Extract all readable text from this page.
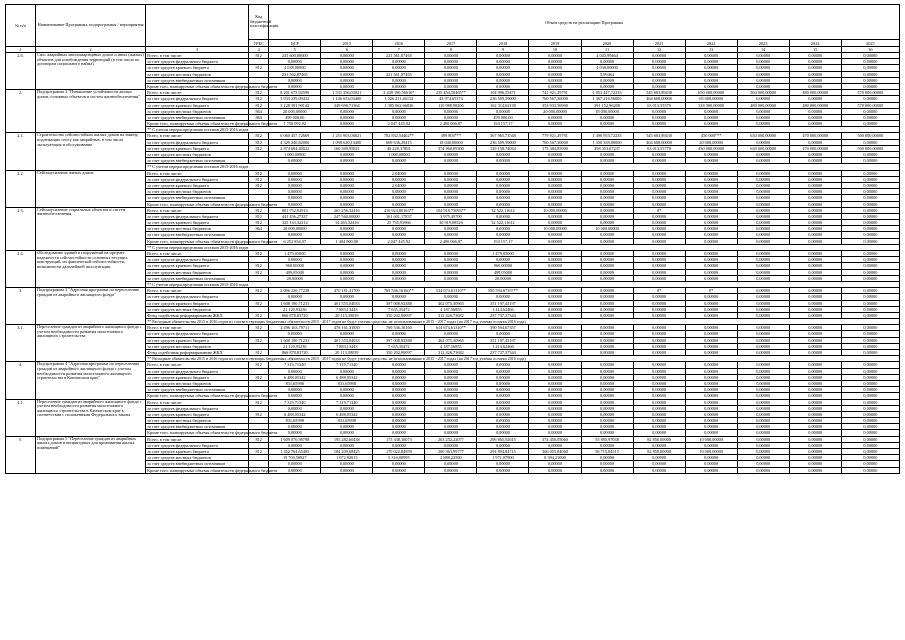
№ п/п	Наименование Программы, подпрограммы / мероприятия		Код бюджетной классификации	Объем средств на реализацию Программы											
			ГРБС	ЦСР	2015	2016	2017	2018	2019	2020	2021	2022	2023	2024	2025
1	2	3	4	5	6	7	8	9	10	11	12	13	14	15	16
2.6.	Снос аварийных многоквартирных домов и иных (жилых) объектов для освобождения территорий (в том числе по договорам социального найма)	Всего, в том числе:	812	235 600,00000	0,00000	221 561,87465	0,00000	0,00000	0,00000	4 043,99464	0,00000	0,00000	0,00000	0,00000	0,00000
		за счет средств федерального бюджета		0,00000	0,00000	0,00000	0,00000	0,00000	0,00000	0,00000	0,00000	0,00000	0,00000	0,00000	0,00000
		за счет средств краевого бюджета	812	4 038,00000	0,00000	0,00000	0,00000	0,00000	0,00000	4 038,00000	0,00000	0,00000	0,00000	0,00000	0,00000
		за счет средств местных бюджетов		231 562,87465	0,00000	221 561,87465	0,00000	0,00000	0,00000	5,99464	0,00000	0,00000	0,00000	0,00000	0,00000
		за счет средств внебюджетных источников		0,00000	0,00000	0,00000	0,00000	0,00000	0,00000	0,00000	0,00000	0,00000	0,00000	0,00000	0,00000
		Кроме того, планируемые объемы обязательств федерального бюджета		0,00000	0,00000	0,00000	0,00000	0,00000	0,00000	0,00000	0,00000	0,00000	0,00000	0,00000	0,00000
2.	Подпрограмма 2 "Повышение устойчивости жилых домов, основных объектов и систем жизнеобеспечения"	Всего, в том числе:	812	8 201 675,92590	1 531 356,03021	2 449 190,56616*	255 454,50465**	104 996,55471	741 921,29791	1 053 447,72235	545 603,89430	650 000,00000	560 000,00000	480 000,00000	570 000,00000
		за счет средств федерального бюджета	812	5 033 239,09432	1 146 653,03400	1 026 211,46132	43 974,65374	236 509,59000	760 567,30000	1 367 216,56005	464 608,00000	65 000,00000	0,00000	0,00000	0,00000
		за счет средств краевого бюджета	812	3 128 391,90142	349 690,71364	1 385 062,66836	110 988,98206	162 314,62138	353 933,56900	391 152,96208	63 013,55570	318 300,00000	480 000,00000	480 000,00000	570 000,00000
		за счет средств местных бюджетов	864	20 000,00000	0,00000	0,00000	0,00000	0,00000	20 000,00000	18 000,00000	0,00000	0,00000	0,00000	0,00000	0,00000
		за счет средств внебюджетных источников	864	499 000,00	0,00000	0,00000	0,00000	499 000,00	0,00000	0,00000	0,00000	0,00000	0,00000	0,00000	0,00000
		Кроме того, планируемые объемы обязательств федерального бюджета		1 750 092,92	0,00000	2 047 445,92	2 490 066,07	194 157,17	0,00000	0,00000	0,00000	0,00000	0,00000	0,00000	0,00000
		** С учетом перераспределения остатков 2015-2016 годов													
2.1.	Строительство сейсмостойких жилых домов на замену, подлежащих сносу как аварийных, в том числе эксплуатация и обслуживание	Всего, в том числе:	812	6 060 457,72669	1 251 903,06821	702 832,54462**	399 803***	367 965,73548	779 921,29791	1 496 953,72235	545 603,89430	450 000***	630 000,00000	470 000,00000	500 000,00000
		за счет средств федерального бюджета	812	4 329 240,82000	1 098 620,13400	669 636,29415	18 040,00000	236 509,59000	760 567,30000	1 350 339,00000	464 608,00000	20 000,00000	0,00000	0,00000	0,00000
		за счет средств краевого бюджета	812	2 874 684,40022	160 509,95821	46 228,37891	374 960,89300	129 158,74034	175 384,85900	298 353,07237	63 013,55770	430 000,00000	630 000,00000	470 000,00000	500 000,00000
		за счет средств местных бюджетов		1 000,00000	0,00000	1 000,00000	0,00000	0,00000	0,00000	0,00000	0,00000	0,00000	0,00000	0,00000	0,00000
		за счет средств внебюджетных источников		0,00000	0,00000	0,00000	0,00000	0,00000	0,00000	0,00000	0,00000	0,00000	0,00000	0,00000	0,00000
		** С учетом перераспределения остатков 2015-2016 годов													
2.2.	Сейсмоусиление жилых домов	Всего, в том числе:	812	0,00000	0,00000	2,04000	0,00000	0,00000	0,00000	0,00000	0,00000	0,00000	0,00000	0,00000	0,00000
		за счет средств федерального бюджета	812	0,00000	0,00000	0,00000	0,00000	0,00000	0,00000	0,00000	0,00000	0,00000	0,00000	0,00000	0,00000
		за счет средств краевого бюджета	812	0,00000	0,00000	2,04000	0,00000	0,00000	0,00000	0,00000	0,00000	0,00000	0,00000	0,00000	0,00000
		за счет средств местных бюджетов		0,00000	0,00000	0,00000	0,00000	0,00000	0,00000	0,00000	0,00000	0,00000	0,00000	0,00000	0,00000
		за счет средств внебюджетных источников		0,00000	0,00000	0,00000	0,00000	0,00000	0,00000	0,00000	0,00000	0,00000	0,00000	0,00000	0,00000
		Кроме того, планируемые объемы обязательств федерального бюджета		0,00000	0,00000	0,00000	0,00000	0,00000	0,00000	0,00000	0,00000	0,00000	0,00000	0,00000	0,00000
2.3.	Сейсмоусиление социальных объектов и систем жизнеобеспечения	Всего, в том числе:	812	801 752,02913	265 256,32416	410 924,80163**	104 918,73093**	32 522,11612	10 000,00000	0,00000	0*	0,00000	0,00000	0,00000	0,00000
		за счет средств федерального бюджета	812	441 456,27337	247 560,00000	161 601,17837	3 975,49700	0,00000	0,00000	0,00000	0,00000	0,00000	0,00000	0,00000	0,00000
		за счет средств краевого бюджета	812	325 133,32214	14 263,32416	25 735,93966	30 919,08526	32 522,11612	0,00000	0,00000	0,00000	0,00000	0,00000	0,00000	0,00000
		за счет средств местных бюджетов	864	20 000,00000	0,00000	0,00000	0,00000	0,00000	10 000,00000	10 000,00000	0,00000	0,00000	0,00000	0,00000	0,00000
		за счет средств внебюджетных источников		0,00000	0,00000	0,00000	0,00000	0,00000	0,00000	0,00000	0,00000	0,00000	0,00000	0,00000	0,00000
		Кроме того, планируемые объемы обязательств федерального бюджета		6 252 834,07	1 404 000,00	2 047 445,92	2 490 066,07	194 157,17	0,00000	0,00000	0,00000	0,00000	0,00000	0,00000	0,00000
		** С учетом перераспределения остатков 2015-2016 годов													
2.4.	Обследование зданий и сооружений на предмет надежности сейсмостойкости основных несущих конструкций, их фактической сейсмостойкости, возможности дальнейшей эксплуатации	Всего, в том числе:	812	1 479,05000	0,00000	0,00000	0,00000	1 479,05000	0,00000	0,00000	0,00000	0,00000	0,00000	0,00000	0,00000
		за счет средств федерального бюджета		0,00000	0,00000	0,00000	0,00000	0,00000	0,00000	0,00000	0,00000	0,00000	0,00000	0,00000	0,00000
		за счет средств краевого бюджета	812	960,00000	0,00000	0,00000	0,00000	960,00000	0,00000	0,00000	0,00000	0,00000	0,00000	0,00000	0,00000
		за счет средств местных бюджетов	812	499,05000	0,00000	0,00000	0,00000	499,05000	0,00000	0,00000	0,00000	0,00000	0,00000	0,00000	0,00000
		за счет средств внебюджетных источников		20,00000	0,00000	0,00000	0,00000	20,00000	0,00000	0,00000	0,00000	0,00000	0,00000	0,00000	0,00000
		** С учетом перераспределения остатков 2015-2016 годов													
3.	Подпрограмма 3 "Адресная программа по переселению граждан из аварийного жилищного фонда"	Всего, в том числе:	812	2 096 226,77238	470 181,41709	769 536,16160**	534 674,61310**	590 594,67357**	0,00000	0,00000	0*	0*	0,00000	0,00000	0,00000
		за счет средств федерального бюджета		0,00000	0,00000	0,00000	0,00000	0,00000	0,00000	0,00000	0,00000	0,00000	0,00000	0,00000	0,00000
		за счет средств краевого бюджета	812	1 608 190,71231	401 553,04033	397 008,92388	462 075,30965	351 197,43197	0,00000	0,00000	0,00000	0,00000	0,00000	0,00000	0,00000
		за счет средств местных бюджетов		21 120,93236	7 883,13443	7 635,35472	4 187,56855	1 414,62466	0,00000	0,00000	0,00000	0,00000	0,00000	0,00000	0,00000
		Фонд содействия реформированию ЖКХ	812	866 878,83720	20 113,39039	350 202,90097	312 426,73682	237 737,37344	0,00000	0,00000	0,00000	0,00000	0,00000	0,00000	0,00000
		** Расходные обязательства 2015 и 2016 годов из соответствующих бюджетных обязательств 2015 - 2017 годов не будут учтены средства, не использованные в 2015 - 2017 годах (на 2017 год учтены остатки 2016 года)													
3.1.	Переселение граждан из аварийного жилищного фонда с учетом необходимости развития малоэтажного жилищного строительства	Всего, в том числе:	812	2 496 163,79711	478 161,31830	769 536,16160	614 674,61310**	590 594,67357	0,00000	0,00000	0,00000	0,00000	0,00000	0,00000	0,00000
		за счет средств федерального бюджета		0,00000	0,00000	0,00000	0,00000	0,00000	0,00000	0,00000	0,00000	0,00000	0,00000	0,00000	0,00000
		за счет средств краевого бюджета	812	1 608 190,71231	401 553,04033	397 008,92388	462 075,30965	351 197,43197	0,00000	0,00000	0,00000	0,00000	0,00000	0,00000	0,00000
		за счет средств местных бюджетов		21 120,93236	7 883,13443	7 635,35472	4 187,56855	1 414,62466	0,00000	0,00000	0,00000	0,00000	0,00000	0,00000	0,00000
		Фонд содействия реформированию ЖКХ	812	866 878,83720	20 113,39039	350 202,90097	312 426,73682	237 737,37344	0,00000	0,00000	0,00000	0,00000	0,00000	0,00000	0,00000
		** Расходные обязательства 2015 и 2016 годов из соответствующих бюджетных обязательств 2015 - 2017 годов не будут учтены средства, не использованные в 2015 - 2017 годах (на 2017 год учтены остатки 2016 года)													
4.	Подпрограмма 4 "Адресная программа по переселению граждан из аварийного жилищного фонда с учетом необходимости развития малоэтажного жилищного строительства в Камчатском крае"	Всего, в том числе:	812	7 319,71340	7 319,71340	0,00000	0,00000	0,00000	0,00000	0,00000	0,00000	0,00000	0,00000	0,00000	0,00000
		за счет средств федерального бюджета		0,00000	0,00000	0,00000	0,00000	0,00000	0,00000	0,00000	0,00000	0,00000	0,00000	0,00000	0,00000
		за счет средств краевого бюджета	812	6 488,05342	6 488,05342	0,00000	0,00000	0,00000	0,00000	0,00000	0,00000	0,00000	0,00000	0,00000	0,00000
		за счет средств местных бюджетов		831,65998	831,65998	0,00000	0,00000	0,00000	0,00000	0,00000	0,00000	0,00000	0,00000	0,00000	0,00000
		за счет средств внебюджетных источников		0,00000	0,00000	0,00000	0,00000	0,00000	0,00000	0,00000	0,00000	0,00000	0,00000	0,00000	0,00000
		Кроме того, планируемые объемы обязательств федерального бюджета		0,00000	0,00000	0,00000	0,00000	0,00000	0,00000	0,00000	0,00000	0,00000	0,00000	0,00000	0,00000
4.1.	Переселение граждан из аварийного жилищного фонда с учетом необходимости развития малоэтажного жилищного строительства в Камчатском крае в соответствии с положениями Федерального закона	Всего, в том числе:	812	7 319,71340	7 319,71340	0,00000	0,00000	0,00000	0,00000	0,00000	0,00000	0,00000	0,00000	0,00000	0,00000
		за счет средств федерального бюджета		0,00000	0,00000	0,00000	0,00000	0,00000	0,00000	0,00000	0,00000	0,00000	0,00000	0,00000	0,00000
		за счет средств краевого бюджета	812	6 488,05342	6 488,05342	0,00000	0,00000	0,00000	0,00000	0,00000	0,00000	0,00000	0,00000	0,00000	0,00000
		за счет средств местных бюджетов		831,65998	831,65998	0,00000	0,00000	0,00000	0,00000	0,00000	0,00000	0,00000	0,00000	0,00000	0,00000
		за счет средств внебюджетных источников		0,00000	0,00000	0,00000	0,00000	0,00000	0,00000	0,00000	0,00000	0,00000	0,00000	0,00000	0,00000
		Кроме того, планируемые объемы обязательств федерального бюджета		0,00000	0,00000	0,00000	0,00000	0,00000	0,00000	0,00000	0,00000	0,00000	0,00000	0,00000	0,00000
5.	Подпрограмма 5 "Переселение граждан из аварийных жилых домов и непригодных для проживания жилых помещений"	Всего, в том числе:	812	1 609 070,98798	195 282,60438	175 338,16073	203 252,22077	296 865,92615	374 450,05060	55 895,97038	82 850,00000	10 000,00000	0,00000	0,00000	0,00000
		за счет средств федерального бюджета		0,00000	0,00000	0,00000	0,00000	0,00000	0,00000	0,00000	0,00000	0,00000	0,00000	0,00000	0,00000
		за счет средств краевого бюджета	812	1 452 764,65485	184 209,68425	170 022,84959	200 363,99777	294 894,84715	366 055,84060	56 715,84515	82 850,00000	10 000,00000	0,00000	0,00000	0,00000
		за счет средств местных бюджетов		19 703,50827	1 072,92013	5 316,00995	2 888,22500	1 971,07900	8 394,21000	0,00000	0,00000	0,00000	0,00000	0,00000	0,00000
		за счет средств внебюджетных источников		0,00000	0,00000	0,00000	0,00000	0,00000	0,00000	0,00000	0,00000	0,00000	0,00000	0,00000	0,00000
		Кроме того, планируемые объемы обязательств федерального бюджета		0,00000	0,00000	0,00000	0,00000	0,00000	0,00000	0,00000	0,00000	0,00000	0,00000	0,00000	0,00000
